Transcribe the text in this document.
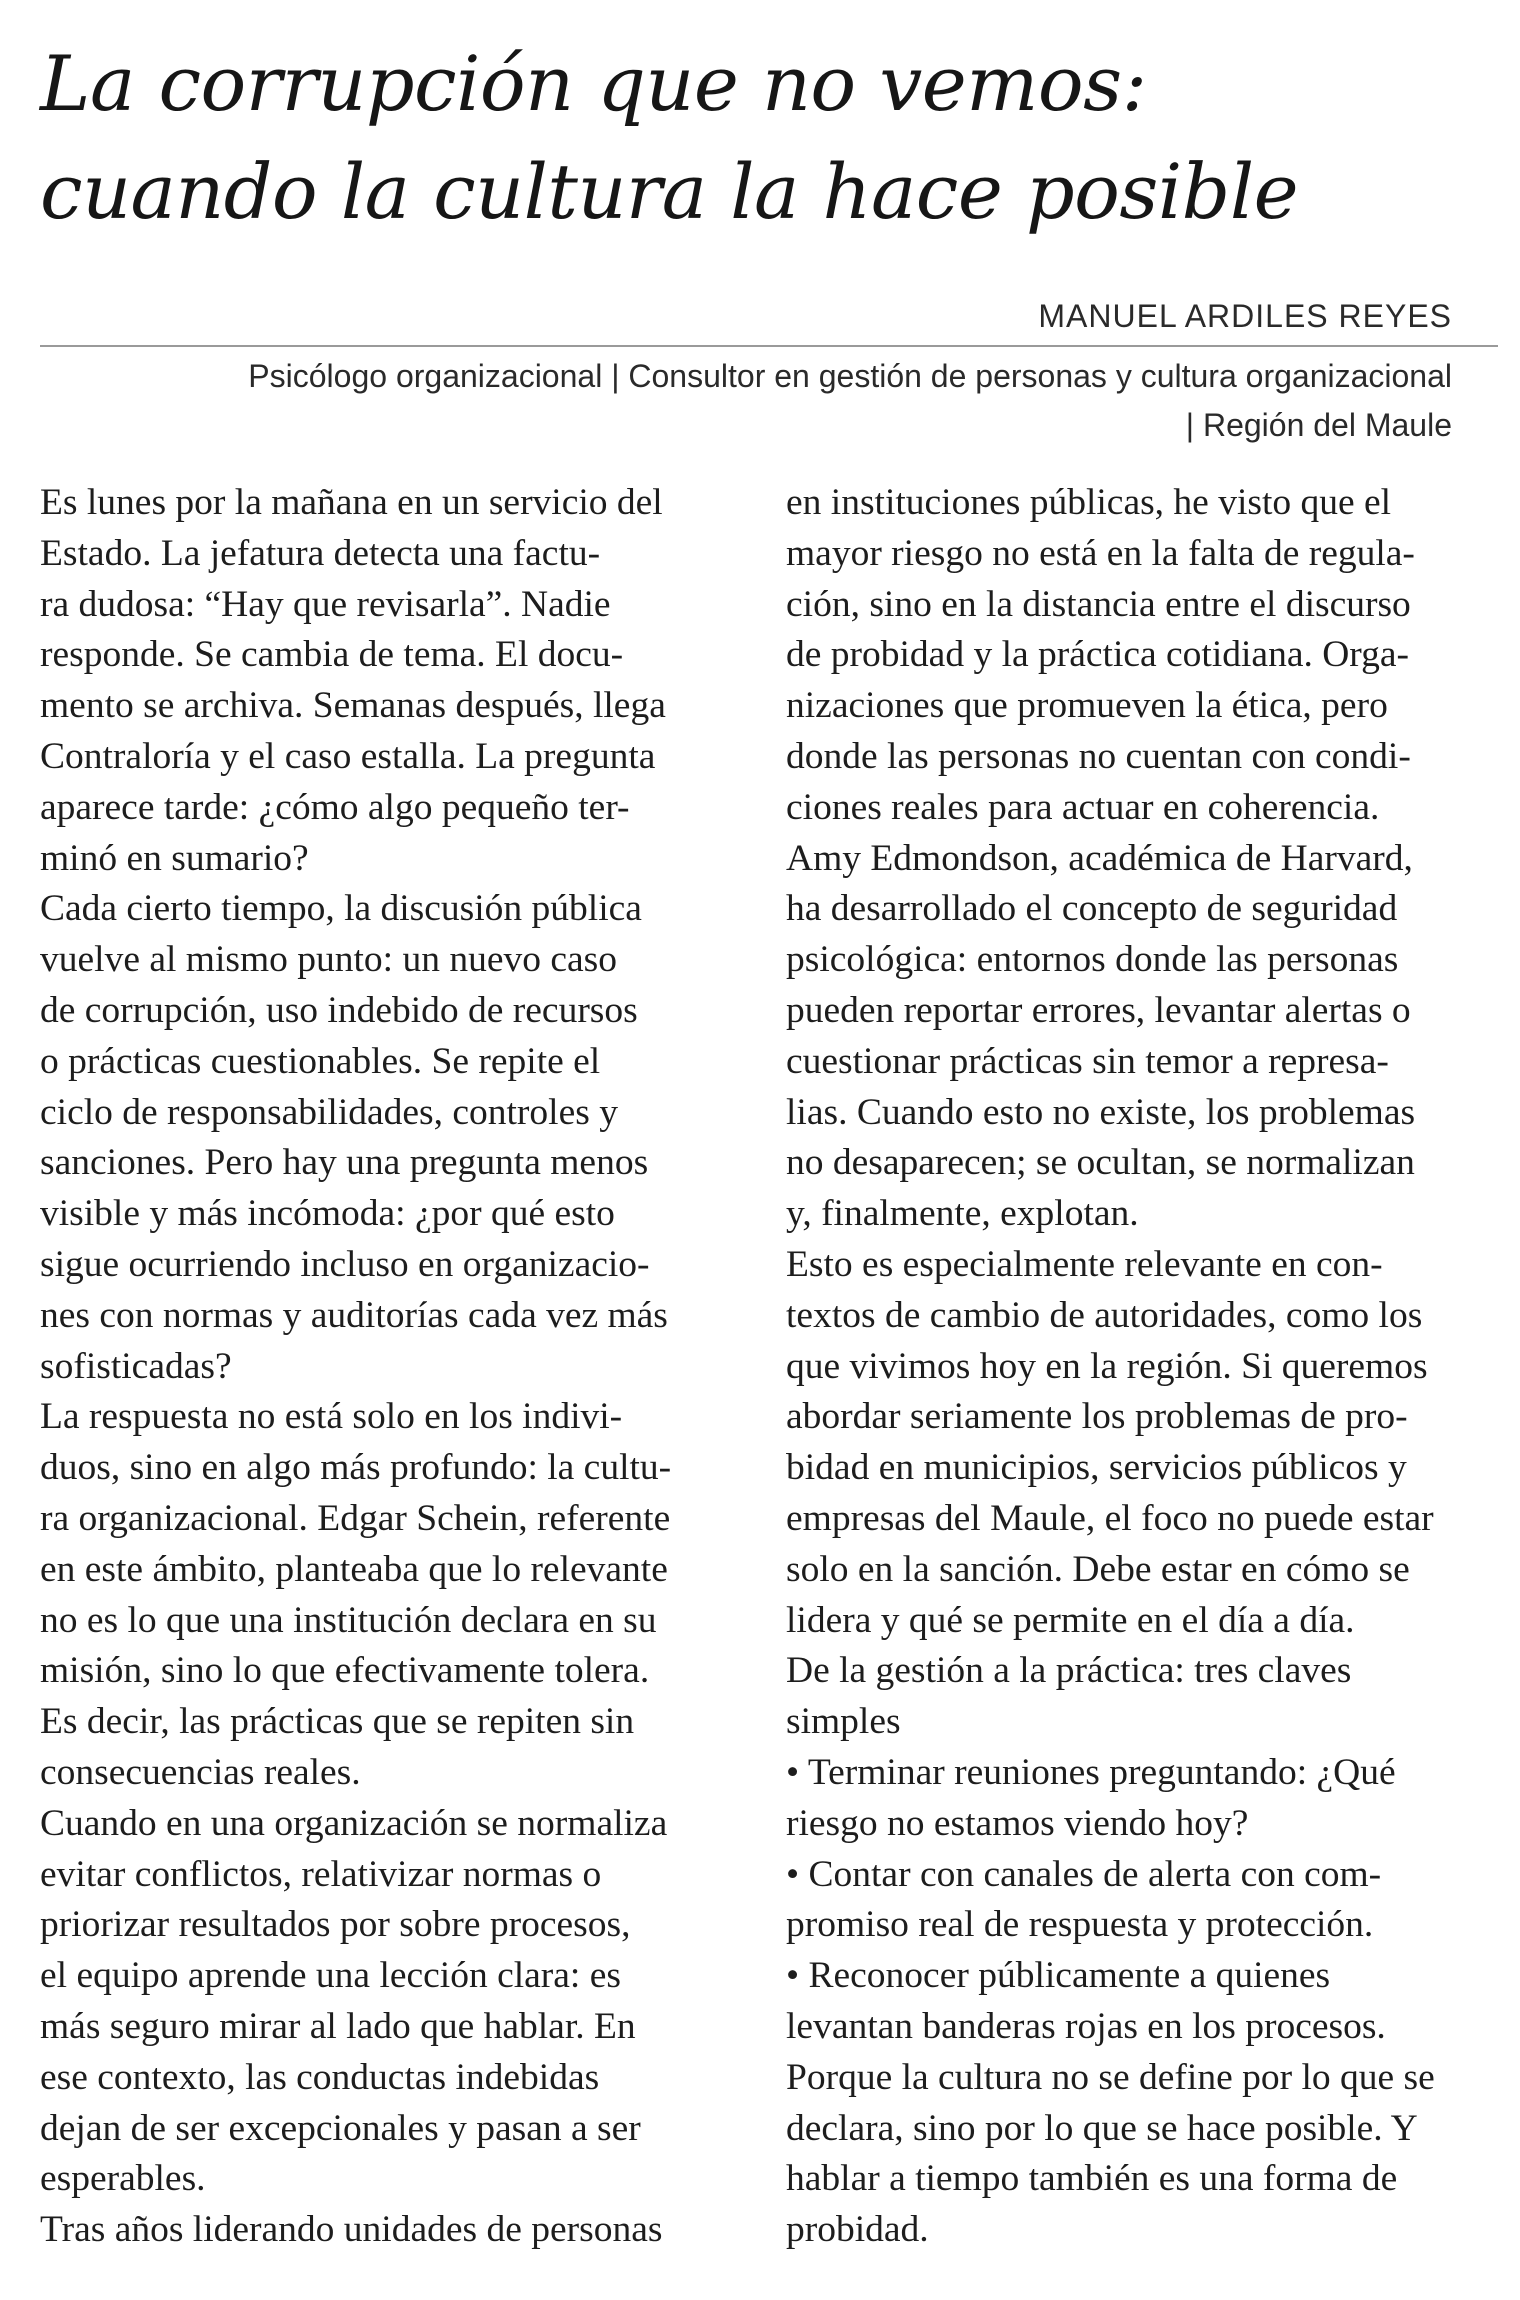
La corrupción que no vemos:
cuando la cultura la hace posible
MANUEL ARDILES REYES
Psicólogo organizacional | Consultor en gestión de personas y cultura organizacional
| Región del Maule
Es lunes por la mañana en un servicio del
Estado. La jefatura detecta una factu-
ra dudosa: “Hay que revisarla”. Nadie
responde. Se cambia de tema. El docu-
mento se archiva. Semanas después, llega
Contraloría y el caso estalla. La pregunta
aparece tarde: ¿cómo algo pequeño ter-
minó en sumario?
Cada cierto tiempo, la discusión pública
vuelve al mismo punto: un nuevo caso
de corrupción, uso indebido de recursos
o prácticas cuestionables. Se repite el
ciclo de responsabilidades, controles y
sanciones. Pero hay una pregunta menos
visible y más incómoda: ¿por qué esto
sigue ocurriendo incluso en organizacio-
nes con normas y auditorías cada vez más
sofisticadas?
La respuesta no está solo en los indivi-
duos, sino en algo más profundo: la cultu-
ra organizacional. Edgar Schein, referente
en este ámbito, planteaba que lo relevante
no es lo que una institución declara en su
misión, sino lo que efectivamente tolera.
Es decir, las prácticas que se repiten sin
consecuencias reales.
Cuando en una organización se normaliza
evitar conflictos, relativizar normas o
priorizar resultados por sobre procesos,
el equipo aprende una lección clara: es
más seguro mirar al lado que hablar. En
ese contexto, las conductas indebidas
dejan de ser excepcionales y pasan a ser
esperables.
Tras años liderando unidades de personas
en instituciones públicas, he visto que el
mayor riesgo no está en la falta de regula-
ción, sino en la distancia entre el discurso
de probidad y la práctica cotidiana. Orga-
nizaciones que promueven la ética, pero
donde las personas no cuentan con condi-
ciones reales para actuar en coherencia.
Amy Edmondson, académica de Harvard,
ha desarrollado el concepto de seguridad
psicológica: entornos donde las personas
pueden reportar errores, levantar alertas o
cuestionar prácticas sin temor a represa-
lias. Cuando esto no existe, los problemas
no desaparecen; se ocultan, se normalizan
y, finalmente, explotan.
Esto es especialmente relevante en con-
textos de cambio de autoridades, como los
que vivimos hoy en la región. Si queremos
abordar seriamente los problemas de pro-
bidad en municipios, servicios públicos y
empresas del Maule, el foco no puede estar
solo en la sanción. Debe estar en cómo se
lidera y qué se permite en el día a día.
De la gestión a la práctica: tres claves
simples
• Terminar reuniones preguntando: ¿Qué
riesgo no estamos viendo hoy?
• Contar con canales de alerta con com-
promiso real de respuesta y protección.
• Reconocer públicamente a quienes
levantan banderas rojas en los procesos.
Porque la cultura no se define por lo que se
declara, sino por lo que se hace posible. Y
hablar a tiempo también es una forma de
probidad.
